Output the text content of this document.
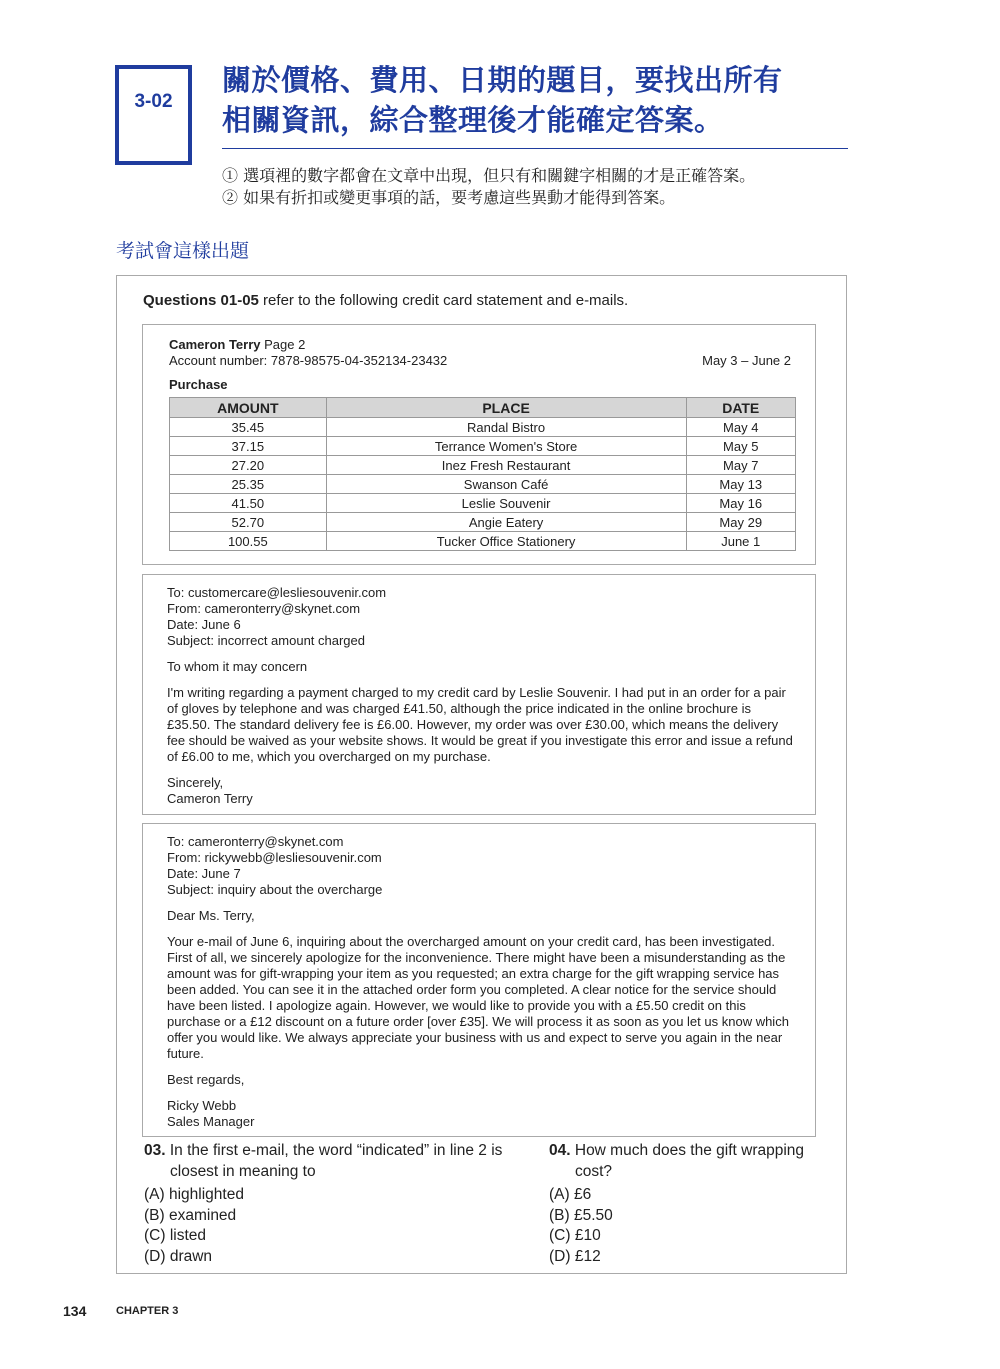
3-02
關於價格、費用、日期的題目，要找出所有
相關資訊，綜合整理後才能確定答案。
① 選項裡的數字都會在文章中出現，但只有和關鍵字相關的才是正確答案。
② 如果有折扣或變更事項的話，要考慮這些異動才能得到答案。
考試會這樣出題
Questions 01-05 refer to the following credit card statement and e-mails.
Cameron Terry Page 2
Account number: 7878-98575-04-352134-23432	May 3 – June 2
Purchase
AMOUNT	PLACE	DATE
35.45	Randal Bistro	May 4
37.15	Terrance Women's Store	May 5
27.20	Inez Fresh Restaurant	May 7
25.35	Swanson Café	May 13
41.50	Leslie Souvenir	May 16
52.70	Angie Eatery	May 29
100.55	Tucker Office Stationery	June 1

To: customercare@lesliesouvenir.com
From: cameronterry@skynet.com
Date: June 6
Subject: incorrect amount charged

To whom it may concern

I'm writing regarding a payment charged to my credit card by Leslie Souvenir. I had put in an order for a pair of gloves by telephone and was charged £41.50, although the price indicated in the online brochure is £35.50. The standard delivery fee is £6.00. However, my order was over £30.00, which means the delivery fee should be waived as your website shows. It would be great if you investigate this error and issue a refund of £6.00 to me, which you overcharged on my purchase.

Sincerely,
Cameron Terry

To: cameronterry@skynet.com
From: rickywebb@lesliesouvenir.com
Date: June 7
Subject: inquiry about the overcharge

Dear Ms. Terry,

Your e-mail of June 6, inquiring about the overcharged amount on your credit card, has been investigated. First of all, we sincerely apologize for the inconvenience. There might have been a misunderstanding as the amount was for gift-wrapping your item as you requested; an extra charge for the gift wrapping service has been added. You can see it in the attached order form you completed. A clear notice for the service should have been listed. I apologize again. However, we would like to provide you with a £5.50 credit on this purchase or a £12 discount on a future order [over £35]. We will process it as soon as you let us know which offer you would like. We always appreciate your business with us and expect to serve you again in the near future.

Best regards,

Ricky Webb
Sales Manager

03. In the first e-mail, the word “indicated” in line 2 is closest in meaning to
(A) highlighted
(B) examined
(C) listed
(D) drawn
04. How much does the gift wrapping cost?
(A) £6
(B) £5.50
(C) £10
(D) £12
134	CHAPTER 3
